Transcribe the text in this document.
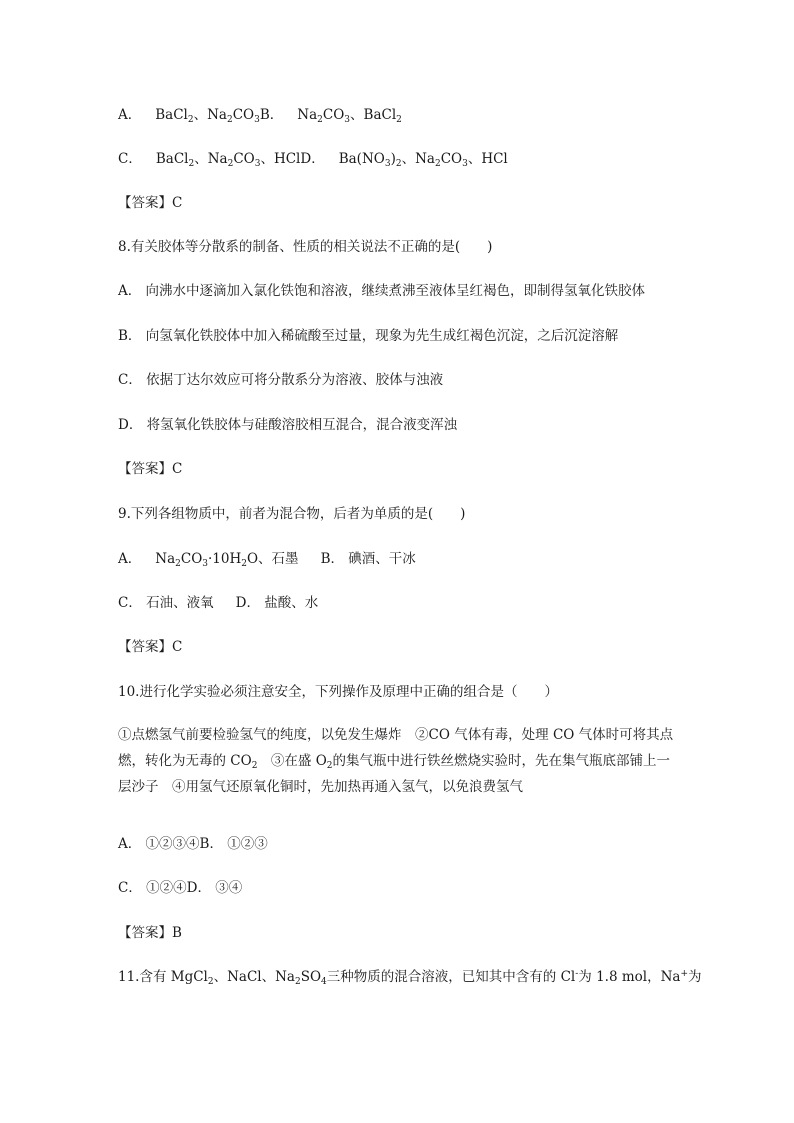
A． BaCl$_2$、$Na_2CO_3B$． $Na_2CO_3$、BaCl$_2$
C． BaCl$_2$、$Na_2CO_3$、HClD． $Ba(NO_3)_2$、$Na_2CO_3$、HCl
【答案】C
8.有关胶体等分散系的制备、性质的相关说法不正确的是(　　)
A． 向沸水中逐滴加入氯化铁饱和溶液，继续煮沸至液体呈红褐色，即制得氢氧化铁胶体
B． 向氢氧化铁胶体中加入稀硫酸至过量，现象为先生成红褐色沉淀，之后沉淀溶解
C． 依据丁达尔效应可将分散系分为溶液、胶体与浊液
D． 将氢氧化铁胶体与硅酸溶胶相互混合，混合液变浑浊
【答案】C
9.下列各组物质中，前者为混合物，后者为单质的是(　　)
A． $Na_2CO_3\cdot 10H_2O$、石墨 B． 碘酒、干冰
C． 石油、液氧 D． 盐酸、水
【答案】C
10.进行化学实验必须注意安全，下列操作及原理中正确的组合是（　　）
①点燃氢气前要检验氢气的纯度，以免发生爆炸　②CO 气体有毒，处理 CO 气体时可将其点燃，转化为无毒的 $CO_2$　③在盛 $O_2$的集气瓶中进行铁丝燃烧实验时，先在集气瓶底部铺上一层沙子　④用氢气还原氧化铜时，先加热再通入氢气，以免浪费氢气
A． ①②③④B． ①②③
C． ①②④D． ③④
【答案】B
11.含有 MgCl$_2$、NaCl、$Na_2SO_4$三种物质的混合溶液，已知其中含有的 Cl-为 1.8 mol，Na+为
